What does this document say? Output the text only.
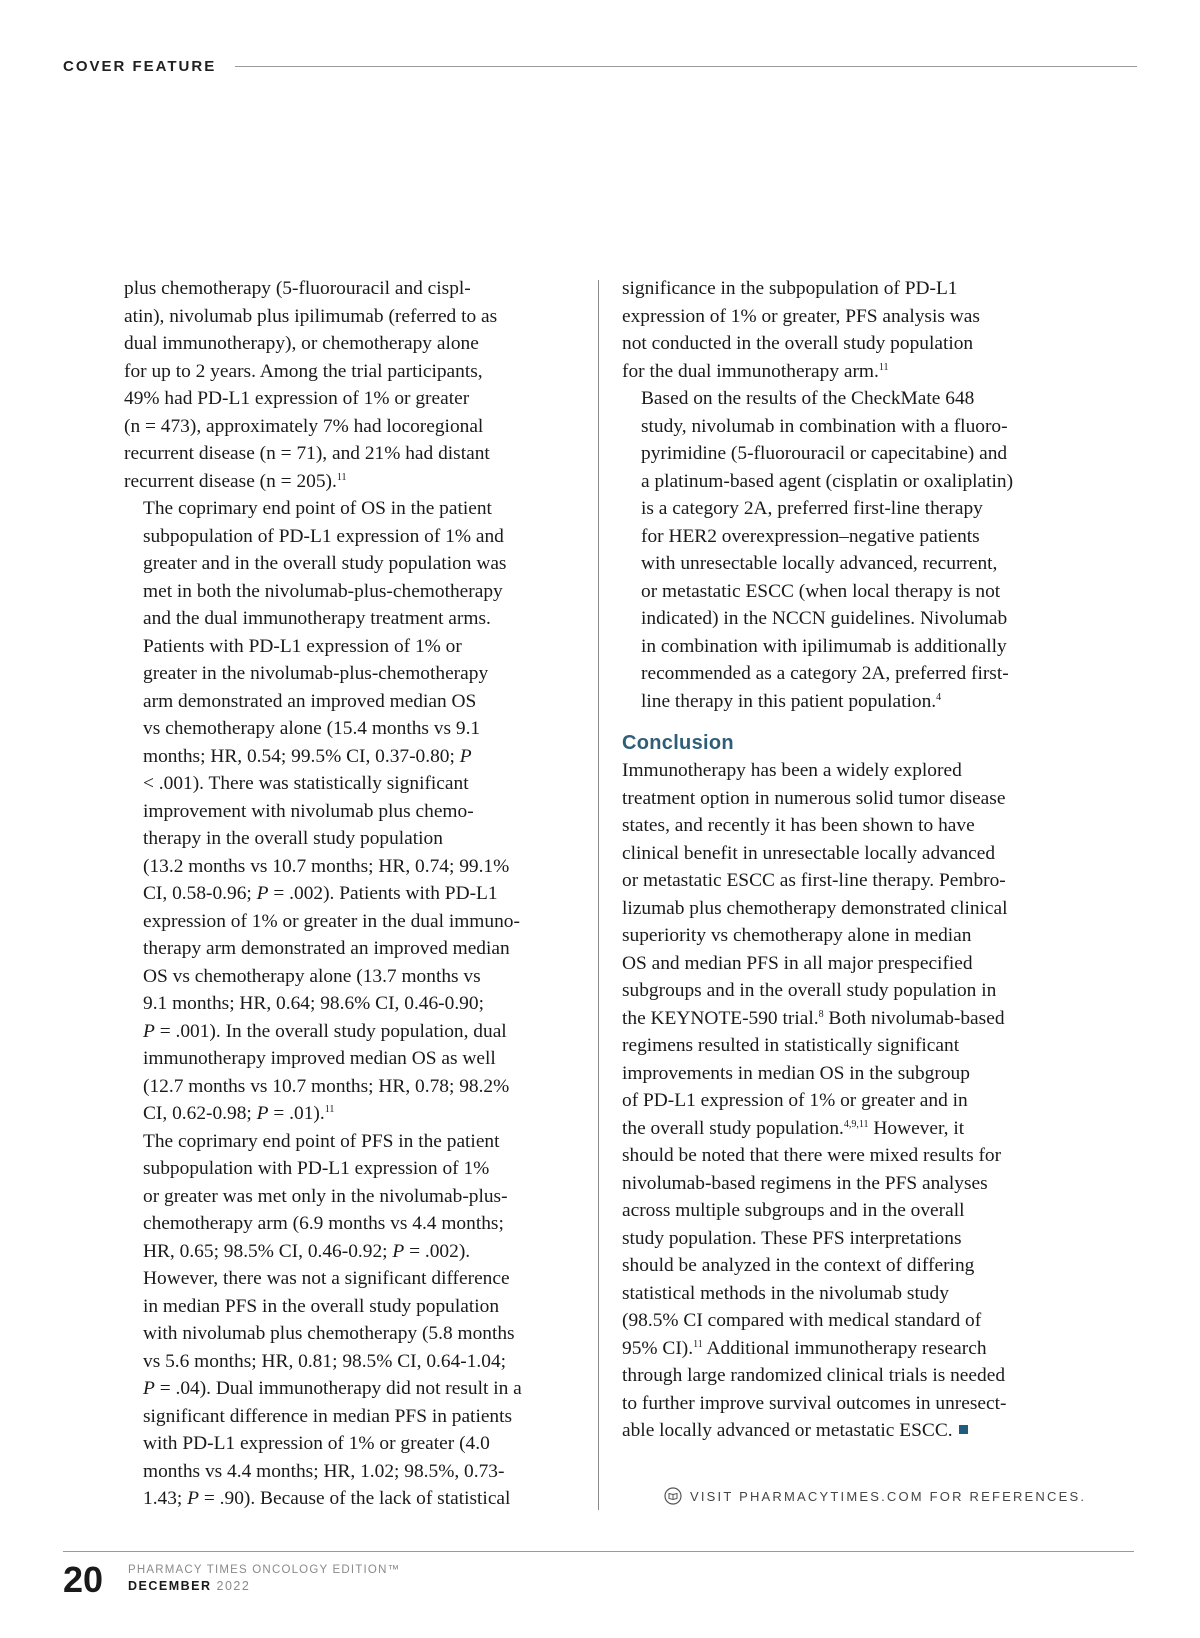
COVER FEATURE

plus chemotherapy (5-fluorouracil and cispl-
atin), nivolumab plus ipilimumab (referred to as
dual immunotherapy), or chemotherapy alone
for up to 2 years. Among the trial participants,
49% had PD-L1 expression of 1% or greater
(n = 473), approximately 7% had locoregional
recurrent disease (n = 71), and 21% had distant
recurrent disease (n = 205).$^{11}$

The coprimary end point of OS in the patient
subpopulation of PD-L1 expression of 1% and
greater and in the overall study population was
met in both the nivolumab-plus-chemotherapy
and the dual immunotherapy treatment arms.
Patients with PD-L1 expression of 1% or
greater in the nivolumab-plus-chemotherapy
arm demonstrated an improved median OS
vs chemotherapy alone (15.4 months vs 9.1
months; HR, 0.54; 99.5% CI, 0.37-0.80; P
< .001). There was statistically significant
improvement with nivolumab plus chemo-
therapy in the overall study population
(13.2 months vs 10.7 months; HR, 0.74; 99.1%
CI, 0.58-0.96; P = .002). Patients with PD-L1
expression of 1% or greater in the dual immuno-
therapy arm demonstrated an improved median
OS vs chemotherapy alone (13.7 months vs
9.1 months; HR, 0.64; 98.6% CI, 0.46-0.90;
P = .001). In the overall study population, dual
immunotherapy improved median OS as well
(12.7 months vs 10.7 months; HR, 0.78; 98.2%
CI, 0.62-0.98; P = .01).$^{11}$

The coprimary end point of PFS in the patient
subpopulation with PD-L1 expression of 1%
or greater was met only in the nivolumab-plus-
chemotherapy arm (6.9 months vs 4.4 months;
HR, 0.65; 98.5% CI, 0.46-0.92; P = .002).
However, there was not a significant difference
in median PFS in the overall study population
with nivolumab plus chemotherapy (5.8 months
vs 5.6 months; HR, 0.81; 98.5% CI, 0.64-1.04;
P = .04). Dual immunotherapy did not result in a
significant difference in median PFS in patients
with PD-L1 expression of 1% or greater (4.0
months vs 4.4 months; HR, 1.02; 98.5%, 0.73-
1.43; P = .90). Because of the lack of statistical

significance in the subpopulation of PD-L1
expression of 1% or greater, PFS analysis was
not conducted in the overall study population
for the dual immunotherapy arm.$^{11}$

Based on the results of the CheckMate 648
study, nivolumab in combination with a fluoro-
pyrimidine (5-fluorouracil or capecitabine) and
a platinum-based agent (cisplatin or oxaliplatin)
is a category 2A, preferred first-line therapy
for HER2 overexpression–negative patients
with unresectable locally advanced, recurrent,
or metastatic ESCC (when local therapy is not
indicated) in the NCCN guidelines. Nivolumab
in combination with ipilimumab is additionally
recommended as a category 2A, preferred first-
line therapy in this patient population.$^4$

Conclusion

Immunotherapy has been a widely explored
treatment option in numerous solid tumor disease
states, and recently it has been shown to have
clinical benefit in unresectable locally advanced
or metastatic ESCC as first-line therapy. Pembro-
lizumab plus chemotherapy demonstrated clinical
superiority vs chemotherapy alone in median
OS and median PFS in all major prespecified
subgroups and in the overall study population in
the KEYNOTE-590 trial.$^8$ Both nivolumab-based
regimens resulted in statistically significant
improvements in median OS in the subgroup
of PD-L1 expression of 1% or greater and in
the overall study population.$^{4,9,11}$ However, it
should be noted that there were mixed results for
nivolumab-based regimens in the PFS analyses
across multiple subgroups and in the overall
study population. These PFS interpretations
should be analyzed in the context of differing
statistical methods in the nivolumab study
(98.5% CI compared with medical standard of
95% CI).$^{11}$ Additional immunotherapy research
through large randomized clinical trials is needed
to further improve survival outcomes in unresect-
able locally advanced or metastatic ESCC.

VISIT PHARMACYTIMES.COM FOR REFERENCES.
20 PHARMACY TIMES ONCOLOGY EDITION™
DECEMBER 2022
